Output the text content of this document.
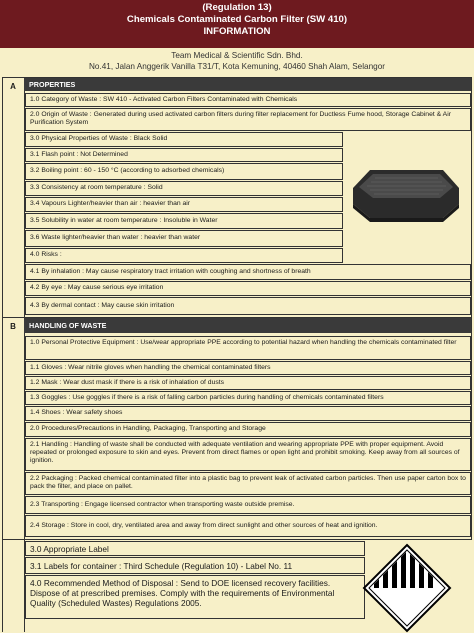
(Regulation 13)
Chemicals Contaminated Carbon Filter (SW 410)
INFORMATION
Team Medical & Scientific Sdn. Bhd.
No.41, Jalan Anggerik Vanilla T31/T, Kota Kemuning, 40460 Shah Alam, Selangor
A	PROPERTIES
1.0 Category of Waste : SW 410 - Activated Carbon Filters Contaminated with Chemicals
2.0 Origin of Waste : Generated during used activated carbon filters during filter replacement for Ductless Fume hood, Storage Cabinet & Air Purification System
3.0 Physical Properties of Waste : Black Solid
3.1 Flash point : Not Determined
3.2 Boiling point : 60 - 150 °C (according to adsorbed chemicals)
3.3 Consistency at room temperature : Solid
3.4 Vapours Lighter/heavier than air : heavier than air
3.5 Solubility in water at room temperature : Insoluble in Water
3.6 Waste lighter/heavier than water : heavier than water
4.0 Risks :
4.1 By inhalation : May cause respiratory tract irritation with coughing and shortness of breath
4.2 By eye : May cause serious eye irritation
4.3 By dermal contact : May cause skin irritation
B	HANDLING OF WASTE
1.0 Personal Protective Equipment : Use/wear appropriate PPE according to potential hazard when handling the chemicals contaminated filter
1.1 Gloves : Wear nitrile gloves when handling the chemical contaminated filters
1.2 Mask : Wear dust mask if there is a risk of inhalation of dusts
1.3 Goggles : Use goggles if there is a risk of falling carbon particles during handling of chemicals contaminated filters
1.4 Shoes : Wear safety shoes
2.0 Procedures/Precautions in Handling, Packaging, Transporting and Storage
2.1 Handling : Handling of waste shall be conducted with adequate ventilation and wearing appropriate PPE with proper equipment. Avoid repeated or prolonged exposure to skin and eyes. Prevent from direct flames or open light and prohibit smoking. Keep away from all sources of ignition.
2.2 Packaging : Packed chemical contaminated filter into a plastic bag to prevent leak of activated carbon particles. Then use paper carton box to pack the filter, and place on pallet.
2.3 Transporting : Engage licensed contractor when transporting waste outside premise.
2.4 Storage : Store in cool, dry, ventilated area and away from direct sunlight and other sources of heat and ignition.
3.0 Appropriate Label
3.1 Labels for container : Third Schedule (Regulation 10) - Label No. 11
4.0 Recommended Method of Disposal : Send to DOE licensed recovery facilities. Dispose of at prescribed premises. Comply with the requirements of Environmental Quality (Scheduled Wastes) Regulations 2005.
